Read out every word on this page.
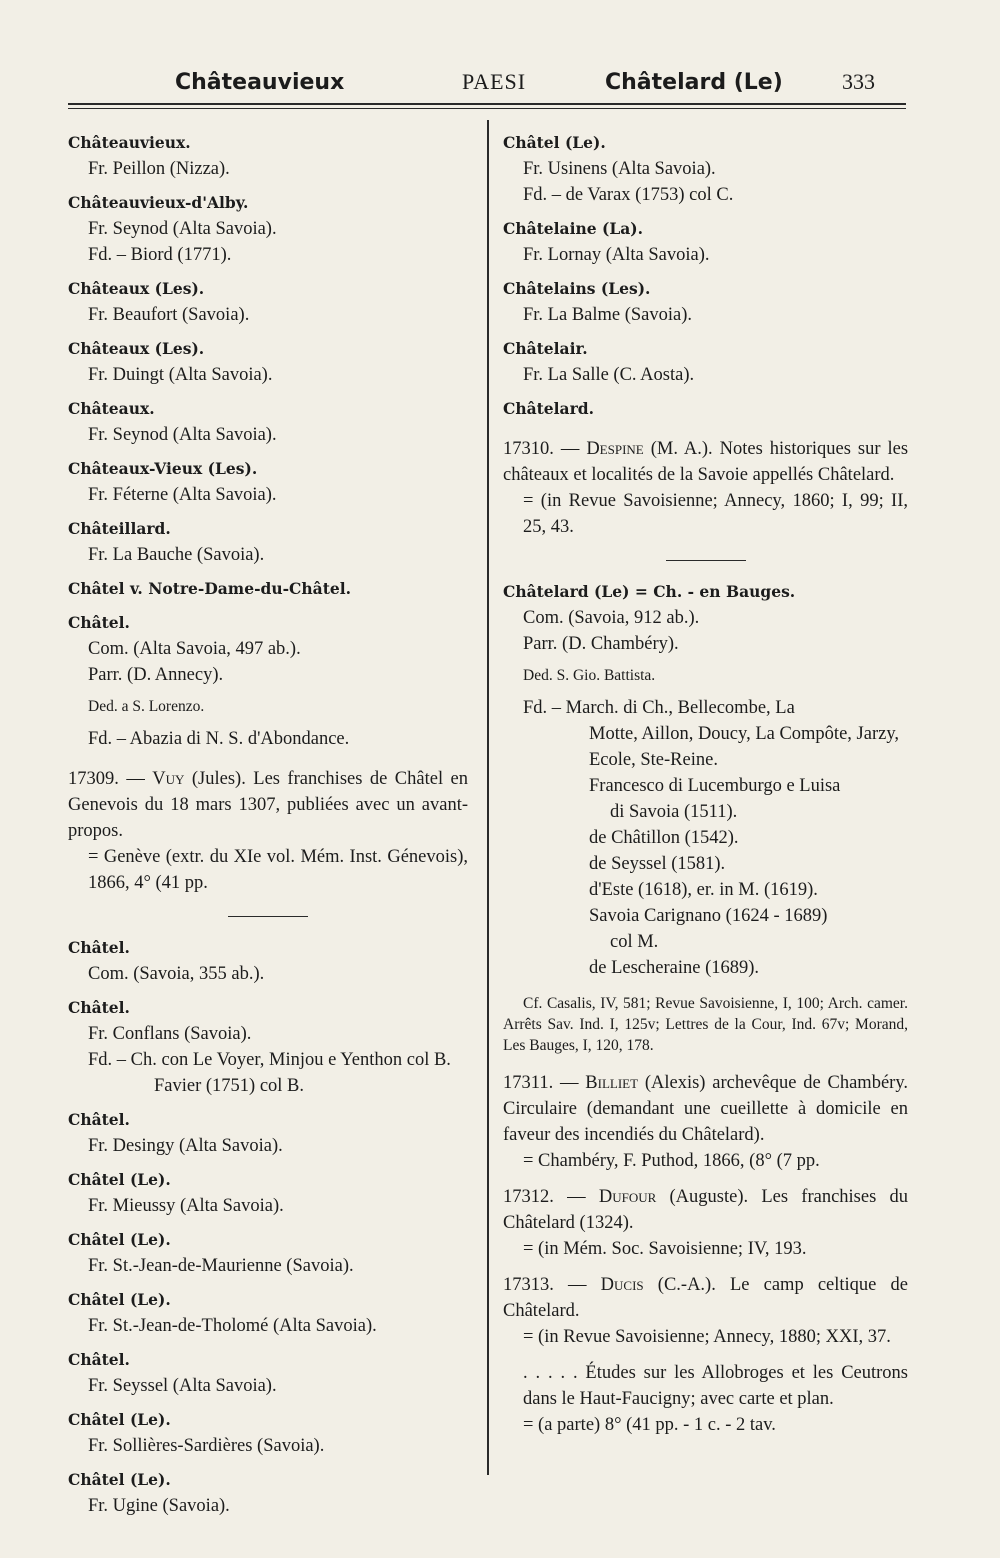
Châteauvieux	PAESI	Châtelard (Le)	333
Châteauvieux.
Fr. Peillon (Nizza).
Châteauvieux-d'Alby.
Fr. Seynod (Alta Savoia).
Fd. – Biord (1771).
Châteaux (Les).
Fr. Beaufort (Savoia).
Châteaux (Les).
Fr. Duingt (Alta Savoia).
Châteaux.
Fr. Seynod (Alta Savoia).
Châteaux-Vieux (Les).
Fr. Féterne (Alta Savoia).
Châteillard.
Fr. La Bauche (Savoia).
Châtel v. Notre-Dame-du-Châtel.
Châtel.
Com. (Alta Savoia, 497 ab.).
Parr. (D. Annecy).
Ded. a S. Lorenzo.
Fd. – Abazia di N. S. d'Abondance.
17309. — Vuy (Jules). Les franchises de Châtel en Genevois du 18 mars 1307, publiées avec un avant-propos.
= Genève (extr. du XIe vol. Mém. Inst. Génevois), 1866, 4° (41 pp.
Châtel.
Com. (Savoia, 355 ab.).
Châtel.
Fr. Conflans (Savoia).
Fd. – Ch. con Le Voyer, Minjou e Yenthon col B.
Favier (1751) col B.
Châtel.
Fr. Desingy (Alta Savoia).
Châtel (Le).
Fr. Mieussy (Alta Savoia).
Châtel (Le).
Fr. St.-Jean-de-Maurienne (Savoia).
Châtel (Le).
Fr. St.-Jean-de-Tholomé (Alta Savoia).
Châtel.
Fr. Seyssel (Alta Savoia).
Châtel (Le).
Fr. Sollières-Sardières (Savoia).
Châtel (Le).
Fr. Ugine (Savoia).
Châtel (Le).
Fr. Usinens (Alta Savoia).
Fd. – de Varax (1753) col C.
Châtelaine (La).
Fr. Lornay (Alta Savoia).
Châtelains (Les).
Fr. La Balme (Savoia).
Châtelair.
Fr. La Salle (C. Aosta).
Châtelard.
17310. — Despine (M. A.). Notes historiques sur les châteaux et localités de la Savoie appellés Châtelard.
= (in Revue Savoisienne; Annecy, 1860; I, 99; II, 25, 43.
Châtelard (Le) = Ch. - en Bauges.
Com. (Savoia, 912 ab.).
Parr. (D. Chambéry).
Ded. S. Gio. Battista.
Fd. – March. di Ch., Bellecombe, La
Motte, Aillon, Doucy, La Compôte, Jarzy, Ecole, Ste-Reine.
Francesco di Lucemburgo e Luisa
di Savoia (1511).
de Châtillon (1542).
de Seyssel (1581).
d'Este (1618), er. in M. (1619).
Savoia Carignano (1624 - 1689)
col M.
de Lescheraine (1689).
Cf. Casalis, IV, 581; Revue Savoisienne, I, 100; Arch. camer. Arrêts Sav. Ind. I, 125v; Lettres de la Cour, Ind. 67v; Morand, Les Bauges, I, 120, 178.
17311. — Billiet (Alexis) archevêque de Chambéry. Circulaire (demandant une cueillette à domicile en faveur des incendiés du Châtelard).
= Chambéry, F. Puthod, 1866, (8° (7 pp.
17312. — Dufour (Auguste). Les franchises du Châtelard (1324).
= (in Mém. Soc. Savoisienne; IV, 193.
17313. — Ducis (C.-A.). Le camp celtique de Châtelard.
= (in Revue Savoisienne; Annecy, 1880; XXI, 37.
. . . . . Études sur les Allobroges et les Ceutrons dans le Haut-Faucigny; avec carte et plan.
= (a parte) 8° (41 pp. - 1 c. - 2 tav.
